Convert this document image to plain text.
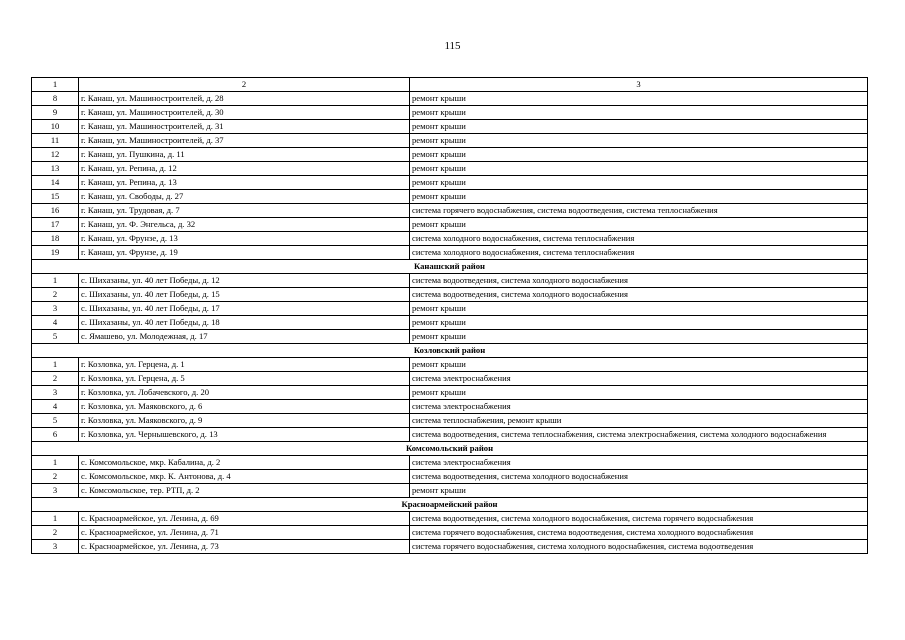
115
1	2	3
8	г. Канаш, ул. Машиностроителей, д. 28	ремонт крыши
9	г. Канаш, ул. Машиностроителей, д. 30	ремонт крыши
10	г. Канаш, ул. Машиностроителей, д. 31	ремонт крыши
11	г. Канаш, ул. Машиностроителей, д. 37	ремонт крыши
12	г. Канаш, ул. Пушкина, д. 11	ремонт крыши
13	г. Канаш, ул. Репина, д. 12	ремонт крыши
14	г. Канаш, ул. Репина, д. 13	ремонт крыши
15	г. Канаш, ул. Свободы, д. 27	ремонт крыши
16	г. Канаш, ул. Трудовая, д. 7	система горячего водоснабжения, система водоотведения, система теплоснабжения
17	г. Канаш, ул. Ф. Энгельса, д. 32	ремонт крыши
18	г. Канаш, ул. Фрунзе, д. 13	система холодного водоснабжения, система теплоснабжения
19	г. Канаш, ул. Фрунзе, д. 19	система холодного водоснабжения, система теплоснабжения
Канашский район		
1	с. Шихазаны, ул. 40 лет Победы, д. 12	система водоотведения, система холодного водоснабжения
2	с. Шихазаны, ул. 40 лет Победы, д. 15	система водоотведения, система холодного водоснабжения
3	с. Шихазаны, ул. 40 лет Победы, д. 17	ремонт крыши
4	с. Шихазаны, ул. 40 лет Победы, д. 18	ремонт крыши
5	с. Ямашево, ул. Молодежная, д. 17	ремонт крыши
Козловский район		
1	г. Козловка, ул. Герцена, д. 1	ремонт крыши
2	г. Козловка, ул. Герцена, д. 5	система электроснабжения
3	г. Козловка, ул. Лобачевского, д. 20	ремонт крыши
4	г. Козловка, ул. Маяковского, д. 6	система электроснабжения
5	г. Козловка, ул. Маяковского, д. 9	система теплоснабжения, ремонт крыши
6	г. Козловка, ул. Чернышевского, д. 13	система водоотведения, система теплоснабжения, система электроснабжения, система холодного водоснабжения
Комсомольский район		
1	с. Комсомольское, мкр. Кабалина, д. 2	система электроснабжения
2	с. Комсомольское, мкр. К. Антонова, д. 4	система водоотведения, система холодного водоснабжения
3	с. Комсомольское, тер. РТП, д. 2	ремонт крыши
Красноармейский район		
1	с. Красноармейское, ул. Ленина, д. 69	система водоотведения, система холодного водоснабжения, система горячего водоснабжения
2	с. Красноармейское, ул. Ленина, д. 71	система горячего водоснабжения, система водоотведения, система холодного водоснабжения
3	с. Красноармейское, ул. Ленина, д. 73	система горячего водоснабжения, система холодного водоснабжения, система водоотведения
